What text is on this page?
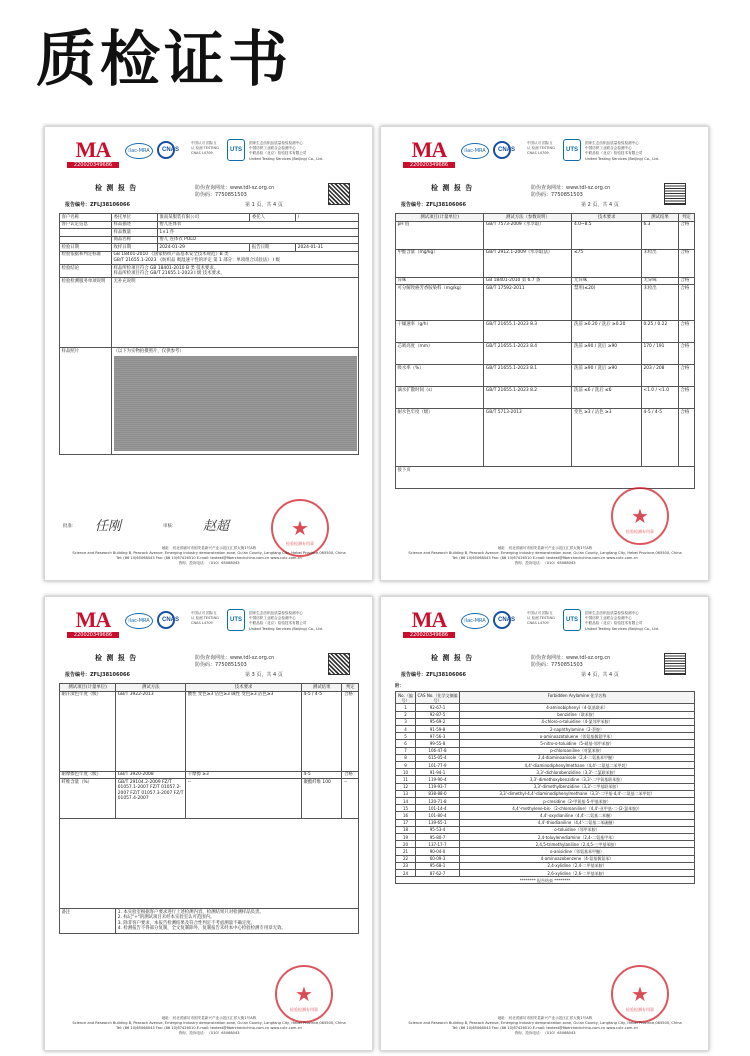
质检证书
MA
220020349686
ilac-MRA	CNAS
中国认可 国际互认 检测 TESTING CNAS L4709	UTS
国家生态纺织品质量检验检测中心
中国纺织工业联合会检测中心
中联品检（北京）检验技术有限公司
United Testing Services (Beijing) Co., Ltd.
检 测 报 告
报告编号：ZFLJ38106066
防伪查询网址：www.tdl-sz.org.cn
防伪码：7750851503
第 1 页，共 4 页
客户名称	委托单位	淮南某服装有限公司	委托人	/
客户认定信息	样品描述	婴儿连体衣		
	样品数量	1×1 件		
	商品名称	婴儿 连体衣 POLO		
检验日期	收样日期	2024-01-29	报告日期	2024-01-31
检验依据和判定标准	GB 18401-2010 《国家纺织产品基本安全技术规范》B 类
GB/T 21655.1-2023 《纺织品 吸湿速干性的评定 第 1 部分：单项组合试验法》 I 级			

检验结论	样品所检项目符合 GB 18401-2010 B 类 技术要求。
样品所检项目符合 GB/T 21655.1-2023 I 级 技术要求。			

检验检测服务单项说明	无补充说明			
样品照片	（以下为实物拍摄照片，仅供参考）			
批准： 任刚	审核： 赵超	★
检验检测专用章
地址：河北省廊坊市固安县新兴产业示范区汇祥大街1号A栋
Science and Research Building B, Peacock Avenue, Emerging industry demonstration zone, Gu'an County, Langfang City, Hebei Province,065500, China
Tel: (86 10)65068043 Fax: (86 10)67426510 E-mail: textest@fibercheckchina.com.cn www.cutc.com.cn
咨询、投诉电话：（010）65068043
MA
220020349686
ilac-MRA	CNAS
中国认可 国际互认 检测 TESTING CNAS L4709	UTS
国家生态纺织品质量检验检测中心
中国纺织工业联合会检测中心
中联品检（北京）检验技术有限公司
United Testing Services (Beijing) Co., Ltd.
检 测 报 告
报告编号：ZFLJ38106066
防伪查询网址：www.tdl-sz.org.cn
防伪码：7750851503
第 2 页，共 4 页
测试项目(计量单位)	测试方法（参数说明）	技术要求	测试结果	判定
pH 值	GB/T 7573-2009（水萃取）	4.0~8.5	6.3	合格
甲醛含量（mg/kg）	GB/T 2912.1-2009（水萃取法）	≤75	未检出	合格
异味	GB 18401-2010 第 6.7 条	无异味	无异味	合格
可分解致癌芳香胺染料（mg/kg）	GB/T 17592-2011	禁用(≤20)	未检出	合格
干燥速率（g/h）	GB/T 21655.1-2023 8.3	洗前 ≥0.20 / 洗后 ≥0.20	0.25 / 0.22	合格
芯吸高度（mm）	GB/T 21655.1-2023 8.4	洗前 ≥90 / 洗后 ≥90	170 / 191	合格
吸水率（%）	GB/T 21655.1-2023 8.1	洗前 ≥90 / 洗后 ≥90	203 / 208	合格
滴水扩散时间（s）	GB/T 21655.1-2023 8.2	洗前 ≤6 / 洗后 ≤6	<1.0 / <1.0	合格
耐水色牢度（级）	GB/T 5713-2013	变色 ≥3 / 沾色 ≥3	4-5 / 4-5	合格
接下页				
★
检验检测专用章
地址：河北省廊坊市固安县新兴产业示范区汇祥大街1号A栋
Science and Research Building B, Peacock Avenue, Emerging industry demonstration zone, Gu'an County, Langfang City, Hebei Province,065500, China
Tel: (86 10)65068043 Fax: (86 10)67426510 E-mail: textest@fibercheckchina.com.cn www.cutc.com.cn
咨询、投诉电话：（010）65068043
MA
220020349686
ilac-MRA	CNAS
中国认可 国际互认 检测 TESTING CNAS L4709	UTS
国家生态纺织品质量检验检测中心
中国纺织工业联合会检测中心
中联品检（北京）检验技术有限公司
United Testing Services (Beijing) Co., Ltd.
检 测 报 告
报告编号：ZFLJ38106066
防伪查询网址：www.tdl-sz.org.cn
防伪码：7750851503
第 3 页，共 4 页
测试项目(计量单位)	测试方法	技术要求	测试结果	判定
耐汗渍色牢度（级）	GB/T 3922-2013	酸性 变色≥3 沾色≥3 碱性 变色≥3 沾色≥3	4-5 / 4-5	合格
耐摩擦色牢度（级）	GB/T 3920-2008	干摩擦 ≥3	4-5	合格
纤维含量（%）	GB/T 29104.2-2009 FZ/T 01057.1-2007 FZ/T 01057.2-2007 FZ/T 01057.3-2007 FZ/T 01057.4-2007	--	聚酯纤维 100	--

备注	1. 本实验室根据客户要求进行上述检测内容，检测结果只对检测样品负责。
2. 标记"+"的测试项目未经本实验室认可范围内。
3. 除非客户要求，本报告检测结果及符合性判定不考虑测量不确定度。
4. 检测报告不得部分复制，全文复制除外，复制报告未经本中心检验检测专用章无效。			
★
检验检测专用章
地址：河北省廊坊市固安县新兴产业示范区汇祥大街1号A栋
Science and Research Building B, Peacock Avenue, Emerging industry demonstration zone, Gu'an County, Langfang City, Hebei Province,065500, China
Tel: (86 10)65068043 Fax: (86 10)67426510 E-mail: textest@fibercheckchina.com.cn www.cutc.com.cn
咨询、投诉电话：（010）65068043
MA
220020349686
ilac-MRA	CNAS
中国认可 国际互认 检测 TESTING CNAS L4709	UTS
国家生态纺织品质量检验检测中心
中国纺织工业联合会检测中心
中联品检（北京）检验技术有限公司
United Testing Services (Beijing) Co., Ltd.
检 测 报 告
报告编号：ZFLJ38106066
防伪查询网址：www.tdl-sz.org.cn
防伪码：7750851503
第 4 页，共 4 页
附：
No.（编号）	CAS No.（化学文摘编号）	Forbidden Arylamine 化学名称
1	92-67-1	4-aminobiphenyl（4-氨基联苯）
2	92-87-5	benzidine（联苯胺）
3	95-69-2	4-chloro-o-toluidine（4-氯邻甲苯胺）
4	91-59-8	2-naphthylamine（2-萘胺）
5	97-56-3	o-aminoazotoluene（邻氨基偶氮甲苯）
6	99-55-8	5-nitro-o-toluidine（5-硝基-邻甲苯胺）
7	106-47-8	p-chloroaniline（对氯苯胺）
8	615-05-4	2,4-diaminoanisole（2,4-二氨基苯甲醚）
9	101-77-9	4,4'-diaminodiphenylmethane（4,4'-二氨基二苯甲烷）
10	91-94-1	3,3'-dichlorobenzidine（3,3'-二氯联苯胺）
11	119-90-4	3,3'-dimethoxybenzidine（3,3'-二甲氧基联苯胺）
12	119-93-7	3,3'-dimethylbenzidine（3,3'-二甲基联苯胺）
13	838-88-0	3,3'-dimethyl-4,4'-diaminodiphenylmethane（3,3'-二甲基-4,4'-二氨基二苯甲烷）
14	120-71-8	p-cresidine（2-甲氧基-5-甲基苯胺）
15	101-14-4	4,4'-methylene-bis-（2-chloroaniline）（4,4'-亚甲基-二-(2-氯苯胺)）
16	101-80-4	4,4'-oxydianiline（4,4'-二氨基二苯醚）
17	139-65-1	4,4'-thiodianiline（4,4'-二氨基二苯硫醚）
18	95-53-4	o-toluidine（邻甲苯胺）
19	95-80-7	2,4-toluylenediamine（2,4-二氨基甲苯）
20	137-17-7	2,4,5-trimethylaniline（2,4,5-三甲基苯胺）
21	90-04-0	o-anisidine（邻氨基苯甲醚）
22	60-09-3	4-aminoazobenzene（4-氨基偶氮苯）
23	95-68-1	2,4-xylidine（2,4-二甲基苯胺）
24	87-62-7	2,6-xylidine（2,6-二甲基苯胺）
******** 报告结束 ********		
★
检验检测专用章
地址：河北省廊坊市固安县新兴产业示范区汇祥大街1号A栋
Science and Research Building B, Peacock Avenue, Emerging industry demonstration zone, Gu'an County, Langfang City, Hebei Province,065500, China
Tel: (86 10)65068043 Fax: (86 10)67426510 E-mail: textest@fibercheckchina.com.cn www.cutc.com.cn
咨询、投诉电话：（010）65068043
